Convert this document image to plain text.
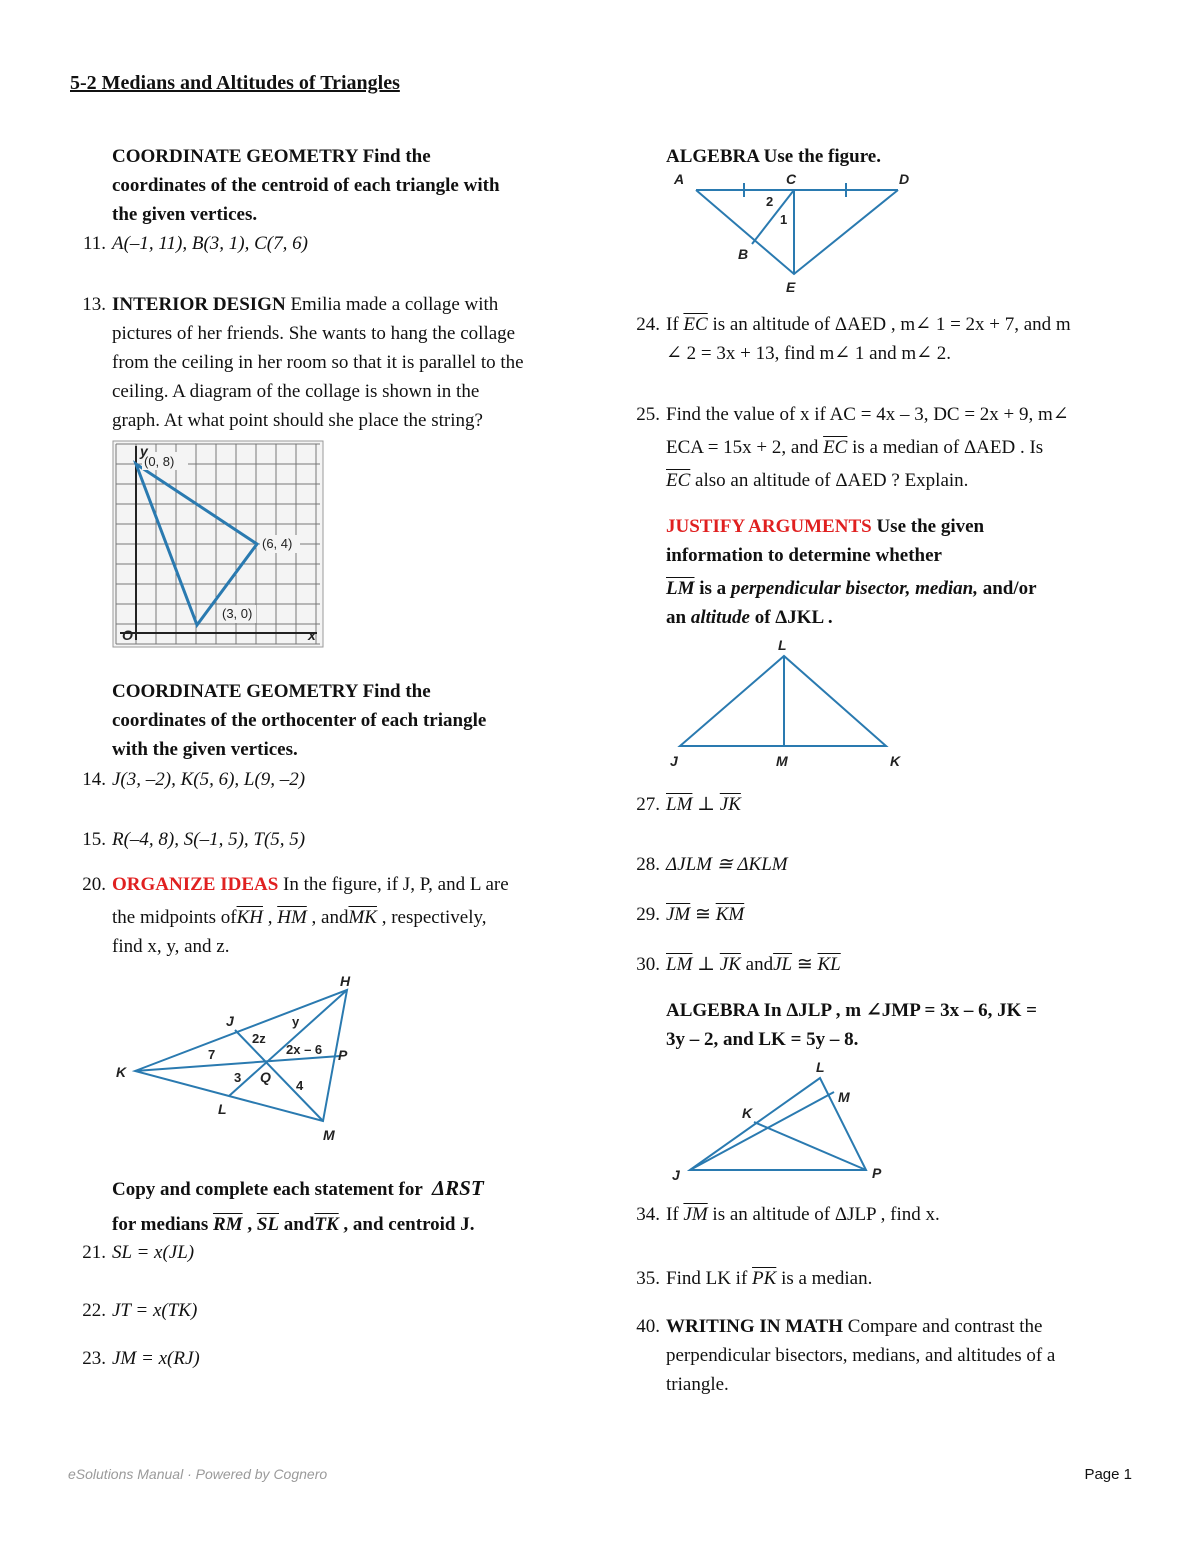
5-2 Medians and Altitudes of Triangles
COORDINATE GEOMETRY Find the
coordinates of the centroid of each triangle with
the given vertices.
11. A(–1, 11), B(3, 1), C(7, 6)
13. INTERIOR DESIGN Emilia made a collage with
pictures of her friends. She wants to hang the collage
from the ceiling in her room so that it is parallel to the
ceiling. A diagram of the collage is shown in the
graph. At what point should she place the string?
(0, 8)
(6, 4)
(3, 0)
y
x
O
COORDINATE GEOMETRY Find the
coordinates of the orthocenter of each triangle
with the given vertices.
14. J(3, –2), K(5, 6), L(9, –2)
15. R(–4, 8), S(–1, 5), T(5, 5)
20. ORGANIZE IDEAS In the figure, if J, P, and L are
the midpoints $of\overline{KH}$ , $\overline{HM}$ , $and\overline{MK}$ , respectively,
find x, y, and z.
H
J
K
L
M
P
Q
7
3
4
2z
y
2x – 6
Copy and complete each statement for ΔRST
for medians $\overline{RM}$ , $\overline{SL}$ $and\overline{TK}$ , and centroid J.
21. SL = x(JL)
22. JT = x(TK)
23. JM = x(RJ)
ALGEBRA Use the figure.
A	C	D
B
E
1
2
24. If $\overline{EC}$ is an altitude of ΔAED , m∠ 1 = 2x + 7, and m
∠ 2 = 3x + 13, find m∠ 1 and m∠ 2.
25. Find the value of x if AC = 4x – 3, DC = 2x + 9, m∠
ECA = 15x + 2, and $\overline{EC}$ is a median of ΔAED . Is
$\overline{EC}$ also an altitude of ΔAED ? Explain.
JUSTIFY ARGUMENTS Use the given
information to determine whether
$\overline{LM}$ is a perpendicular bisector, median, and/or
an altitude of ΔJKL .
L
J	M	K
27. $\overline{LM}$ ⊥ $\overline{JK}$
28. ΔJLM ≅ ΔKLM
29. $\overline{JM}$ ≅ $\overline{KM}$
30. $\overline{LM}$ ⊥ $\overline{JK}$ $and\overline{JL}$ ≅ $\overline{KL}$
ALGEBRA In ΔJLP , m ∠JMP = 3x – 6, JK =
3y – 2, and LK = 5y – 8.
L
M
K
J	P
34. If $\overline{JM}$ is an altitude of ΔJLP , find x.
35. Find LK if $\overline{PK}$ is a median.
40. WRITING IN MATH Compare and contrast the
perpendicular bisectors, medians, and altitudes of a
triangle.
eSolutions Manual · Powered by Cognero	Page 1
